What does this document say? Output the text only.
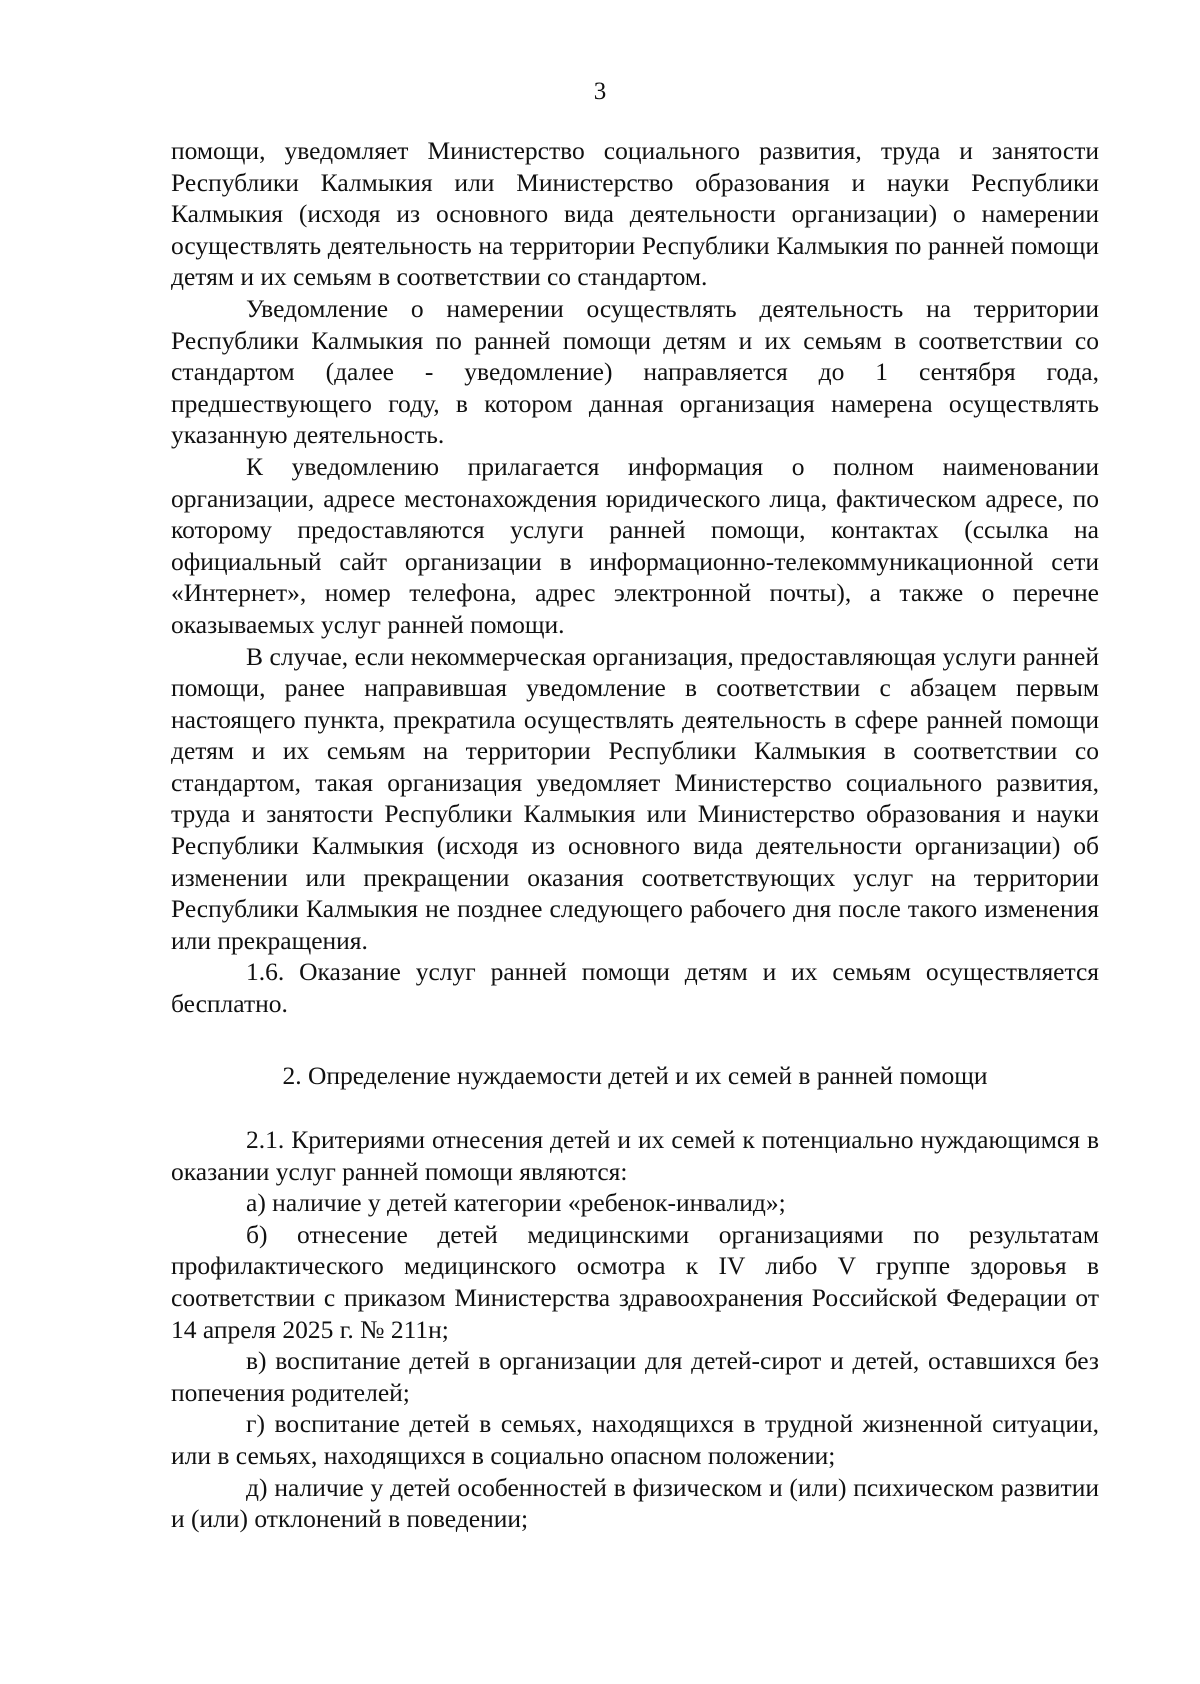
3

помощи, уведомляет Министерство социального развития, труда и занятости Республики Калмыкия или Министерство образования и науки Республики Калмыкия (исходя из основного вида деятельности организации) о намерении осуществлять деятельность на территории Республики Калмыкия по ранней помощи детям и их семьям в соответствии со стандартом.

Уведомление о намерении осуществлять деятельность на территории Республики Калмыкия по ранней помощи детям и их семьям в соответствии со стандартом (далее - уведомление) направляется до 1 сентября года, предшествующего году, в котором данная организация намерена осуществлять указанную деятельность.

К уведомлению прилагается информация о полном наименовании организации, адресе местонахождения юридического лица, фактическом адресе, по которому предоставляются услуги ранней помощи, контактах (ссылка на официальный сайт организации в информационно-телекоммуникационной сети «Интернет», номер телефона, адрес электронной почты), а также о перечне оказываемых услуг ранней помощи.

В случае, если некоммерческая организация, предоставляющая услуги ранней помощи, ранее направившая уведомление в соответствии с абзацем первым настоящего пункта, прекратила осуществлять деятельность в сфере ранней помощи детям и их семьям на территории Республики Калмыкия в соответствии со стандартом, такая организация уведомляет Министерство социального развития, труда и занятости Республики Калмыкия или Министерство образования и науки Республики Калмыкия (исходя из основного вида деятельности организации) об изменении или прекращении оказания соответствующих услуг на территории Республики Калмыкия не позднее следующего рабочего дня после такого изменения или прекращения.

1.6. Оказание услуг ранней помощи детям и их семьям осуществляется бесплатно.

2. Определение нуждаемости детей и их семей в ранней помощи

2.1. Критериями отнесения детей и их семей к потенциально нуждающимся в оказании услуг ранней помощи являются:

а) наличие у детей категории «ребенок-инвалид»;

б) отнесение детей медицинскими организациями по результатам профилактического медицинского осмотра к IV либо V группе здоровья в соответствии с приказом Министерства здравоохранения Российской Федерации от 14 апреля 2025 г. № 211н;

в) воспитание детей в организации для детей-сирот и детей, оставшихся без попечения родителей;

г) воспитание детей в семьях, находящихся в трудной жизненной ситуации, или в семьях, находящихся в социально опасном положении;

д) наличие у детей особенностей в физическом и (или) психическом развитии и (или) отклонений в поведении;
